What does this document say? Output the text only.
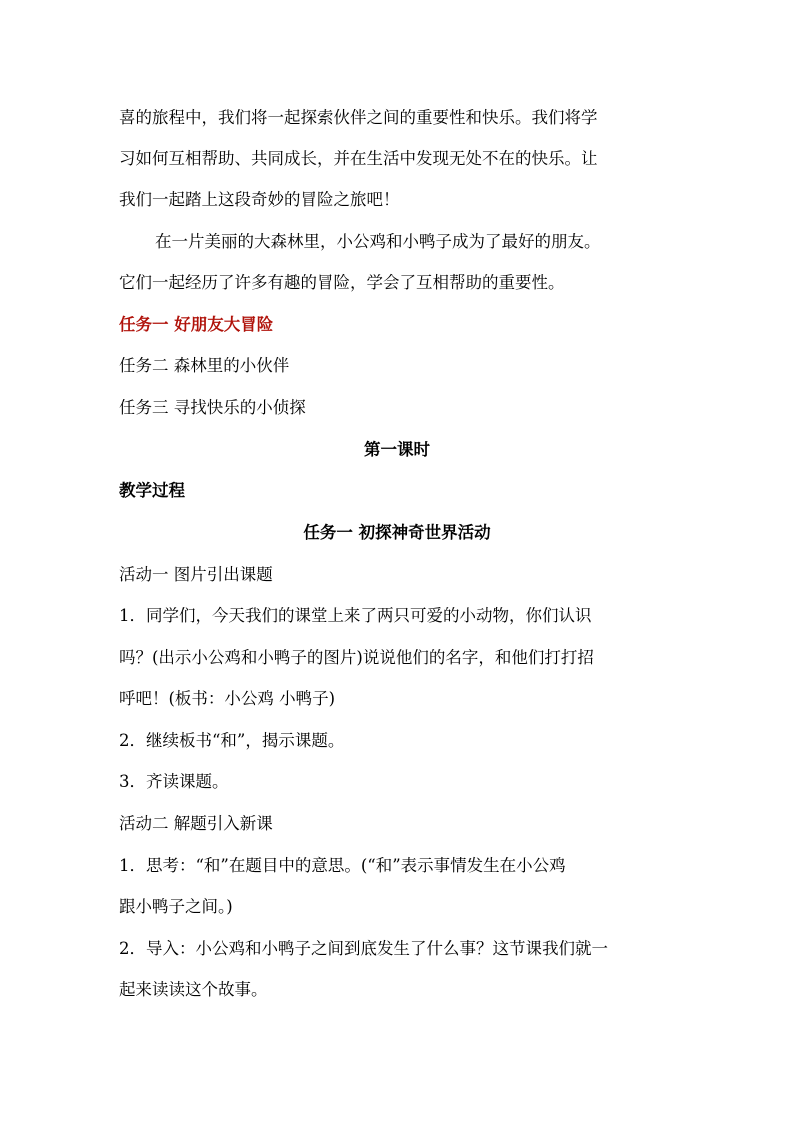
喜的旅程中，我们将一起探索伙伴之间的重要性和快乐。我们将学
习如何互相帮助、共同成长，并在生活中发现无处不在的快乐。让
我们一起踏上这段奇妙的冒险之旅吧！
在一片美丽的大森林里，小公鸡和小鸭子成为了最好的朋友。
它们一起经历了许多有趣的冒险，学会了互相帮助的重要性。
任务一 好朋友大冒险
任务二 森林里的小伙伴
任务三 寻找快乐的小侦探
第一课时
教学过程
任务一 初探神奇世界活动
活动一 图片引出课题
1．同学们，今天我们的课堂上来了两只可爱的小动物，你们认识
吗？(出示小公鸡和小鸭子的图片)说说他们的名字，和他们打打招
呼吧！(板书：小公鸡 小鸭子)
2．继续板书“和”，揭示课题。
3．齐读课题。
活动二 解题引入新课
1．思考：“和”在题目中的意思。(“和”表示事情发生在小公鸡
跟小鸭子之间。)
2．导入：小公鸡和小鸭子之间到底发生了什么事？这节课我们就一
起来读读这个故事。
